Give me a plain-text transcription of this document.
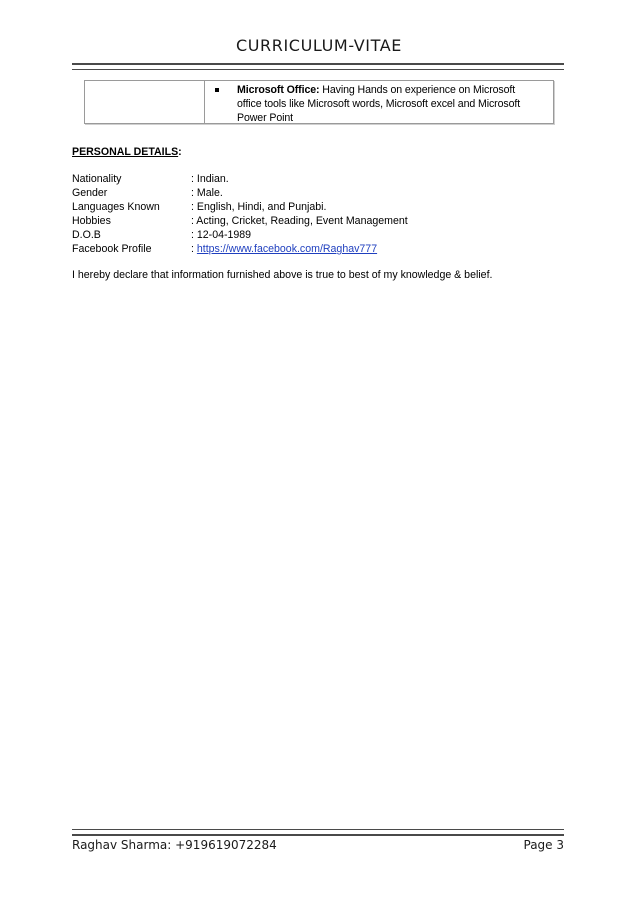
CURRICULUM-VITAE
Microsoft Office: Having Hands on experience on Microsoft office tools like Microsoft words, Microsoft excel and Microsoft Power Point
PERSONAL DETAILS:
Nationality	: Indian.
Gender	: Male.
Languages Known	: English, Hindi, and Punjabi.
Hobbies	: Acting, Cricket, Reading, Event Management
D.O.B	: 12-04-1989
Facebook Profile	: https://www.facebook.com/Raghav777
I hereby declare that information furnished above is true to best of my knowledge & belief.
Raghav Sharma: +919619072284	Page 3
